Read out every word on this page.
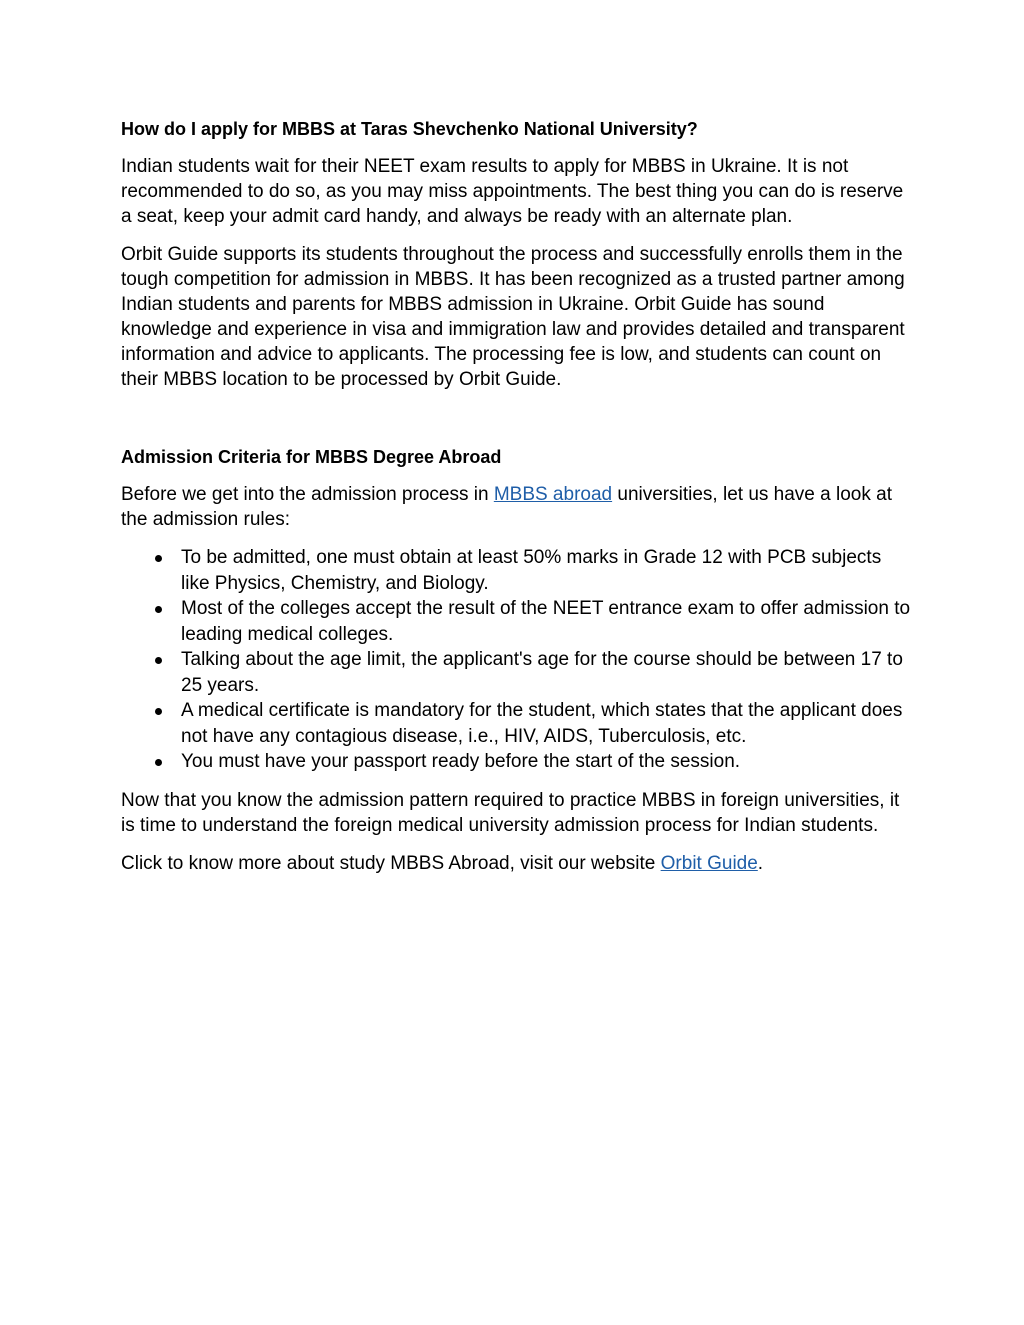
How do I apply for MBBS at Taras Shevchenko National University?

Indian students wait for their NEET exam results to apply for MBBS in Ukraine. It is not recommended to do so, as you may miss appointments. The best thing you can do is reserve a seat, keep your admit card handy, and always be ready with an alternate plan.

Orbit Guide supports its students throughout the process and successfully enrolls them in the tough competition for admission in MBBS. It has been recognized as a trusted partner among Indian students and parents for MBBS admission in Ukraine. Orbit Guide has sound knowledge and experience in visa and immigration law and provides detailed and transparent information and advice to applicants. The processing fee is low, and students can count on their MBBS location to be processed by Orbit Guide.

Admission Criteria for MBBS Degree Abroad

Before we get into the admission process in MBBS abroad universities, let us have a look at the admission rules:

To be admitted, one must obtain at least 50% marks in Grade 12 with PCB subjects like Physics, Chemistry, and Biology.
Most of the colleges accept the result of the NEET entrance exam to offer admission to leading medical colleges.
Talking about the age limit, the applicant's age for the course should be between 17 to 25 years.
A medical certificate is mandatory for the student, which states that the applicant does not have any contagious disease, i.e., HIV, AIDS, Tuberculosis, etc.
You must have your passport ready before the start of the session.

Now that you know the admission pattern required to practice MBBS in foreign universities, it is time to understand the foreign medical university admission process for Indian students.

Click to know more about study MBBS Abroad, visit our website Orbit Guide.
